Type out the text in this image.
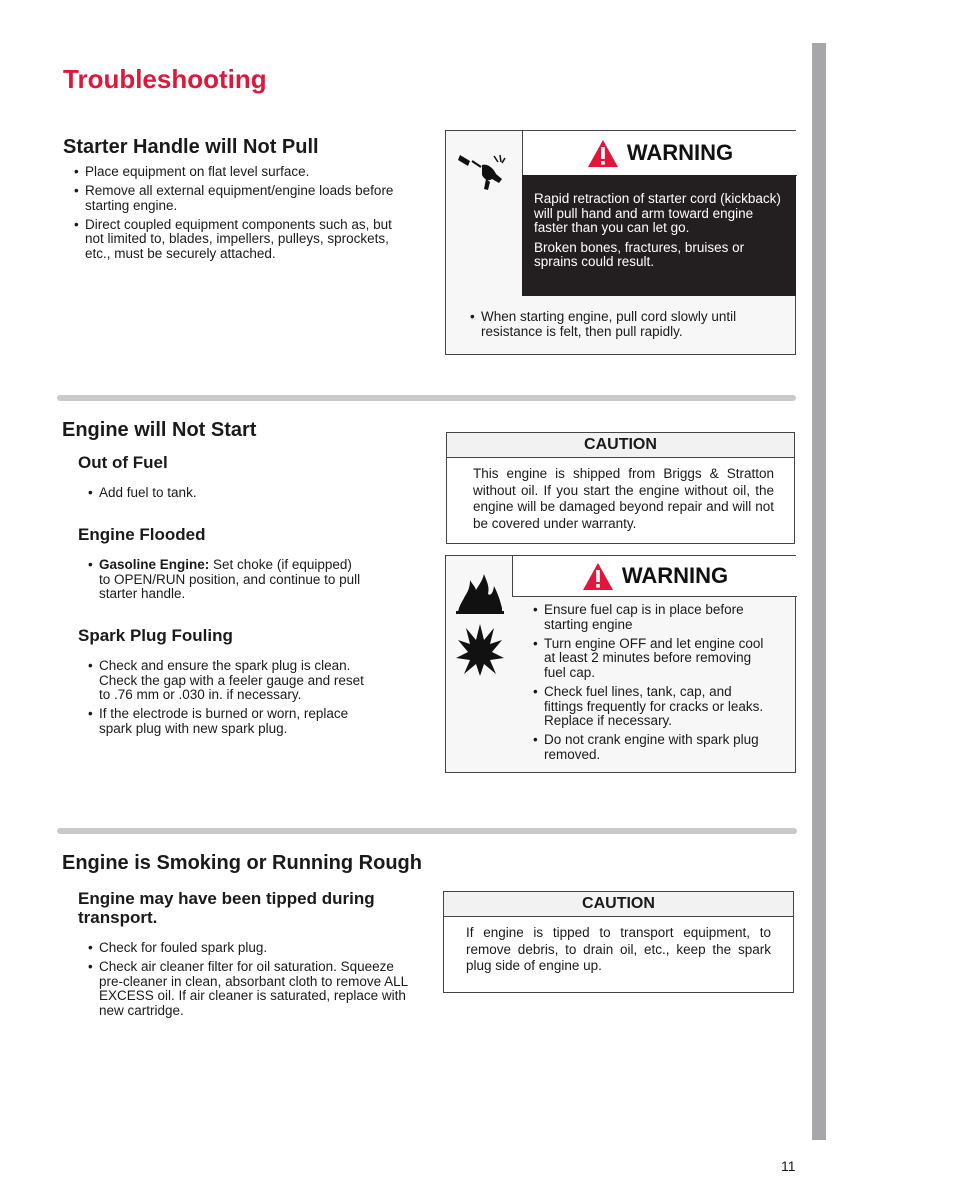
Troubleshooting
Starter Handle will Not Pull
• Place equipment on flat level surface.
• Remove all external equipment/engine loads before starting engine.
• Direct coupled equipment components such as, but not limited to, blades, impellers, pulleys, sprockets, etc., must be securely attached.
WARNING

Rapid retraction of starter cord (kickback) will pull hand and arm toward engine faster than you can let go.

Broken bones, fractures, bruises or sprains could result.

• When starting engine, pull cord slowly until resistance is felt, then pull rapidly.
Engine will Not Start
Out of Fuel
• Add fuel to tank.
Engine Flooded
• Gasoline Engine: Set choke (if equipped) to OPEN/RUN position, and continue to pull starter handle.
Spark Plug Fouling
• Check and ensure the spark plug is clean. Check the gap with a feeler gauge and reset to .76 mm or .030 in. if necessary.
• If the electrode is burned or worn, replace spark plug with new spark plug.
CAUTION
This engine is shipped from Briggs & Stratton without oil. If you start the engine without oil, the engine will be damaged beyond repair and will not be covered under warranty.
WARNING
• Ensure fuel cap is in place before starting engine
• Turn engine OFF and let engine cool at least 2 minutes before removing fuel cap.
• Check fuel lines, tank, cap, and fittings frequently for cracks or leaks. Replace if necessary.
• Do not crank engine with spark plug removed.
Engine is Smoking or Running Rough
Engine may have been tipped during transport.
• Check for fouled spark plug.
• Check air cleaner filter for oil saturation. Squeeze pre-cleaner in clean, absorbant cloth to remove ALL EXCESS oil. If air cleaner is saturated, replace with new cartridge.
CAUTION
If engine is tipped to transport equipment, to remove debris, to drain oil, etc., keep the spark plug side of engine up.
11
